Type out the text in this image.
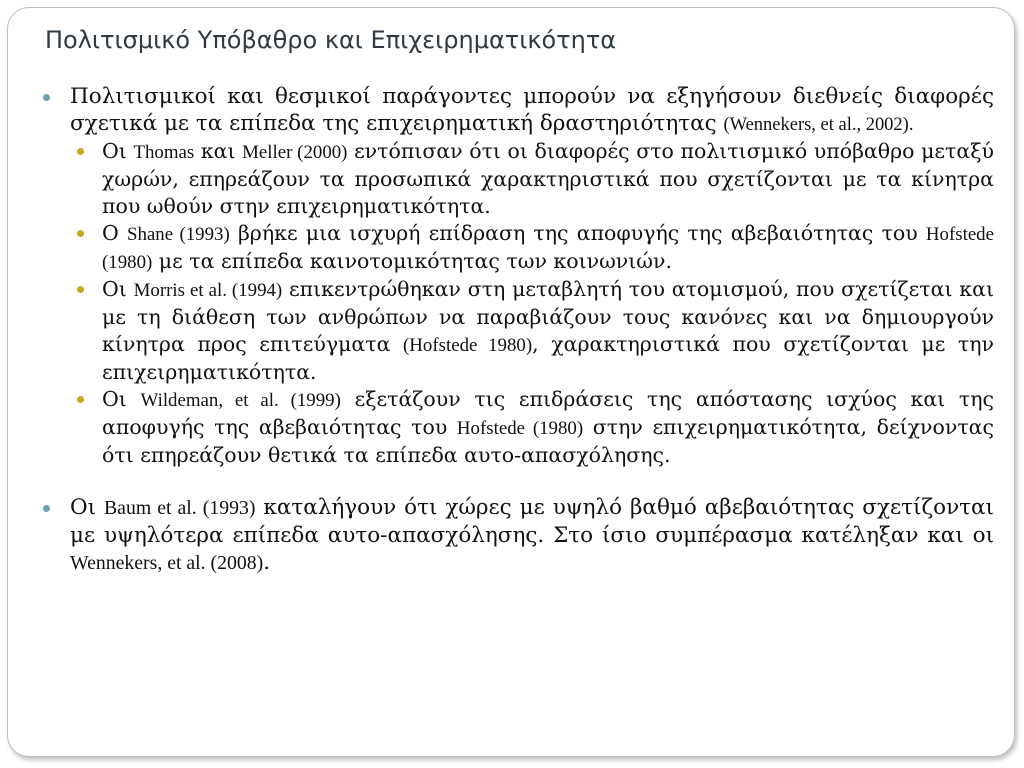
Πολιτισμικό Υπόβαθρο και Επιχειρηματικότητα

Πολιτισμικοί και θεσμικοί παράγοντες μπορούν να εξηγήσουν διεθνείς διαφορές σχετικά με τα επίπεδα της επιχειρηματική δραστηριότητας (Wennekers, et al., 2002).

Οι Thomas και Meller (2000) εντόπισαν ότι οι διαφορές στο πολιτισμικό υπόβαθρο μεταξύ χωρών, επηρεάζουν τα προσωπικά χαρακτηριστικά που σχετίζονται με τα κίνητρα που ωθούν στην επιχειρηματικότητα.

Ο Shane (1993) βρήκε μια ισχυρή επίδραση της αποφυγής της αβεβαιότητας του Hofstede (1980) με τα επίπεδα καινοτομικότητας των κοινωνιών.

Οι Morris et al. (1994) επικεντρώθηκαν στη μεταβλητή του ατομισμού, που σχετίζεται και με τη διάθεση των ανθρώπων να παραβιάζουν τους κανόνες και να δημιουργούν κίνητρα προς επιτεύγματα (Hofstede 1980), χαρακτηριστικά που σχετίζονται με την επιχειρηματικότητα.

Οι Wildeman, et al. (1999) εξετάζουν τις επιδράσεις της απόστασης ισχύος και της αποφυγής της αβεβαιότητας του Hofstede (1980) στην επιχειρηματικότητα, δείχνοντας ότι επηρεάζουν θετικά τα επίπεδα αυτο-απασχόλησης.

Οι Baum et al. (1993) καταλήγουν ότι χώρες με υψηλό βαθμό αβεβαιότητας σχετίζονται με υψηλότερα επίπεδα αυτο-απασχόλησης. Στο ίσιο συμπέρασμα κατέληξαν και οι Wennekers, et al. (2008).
